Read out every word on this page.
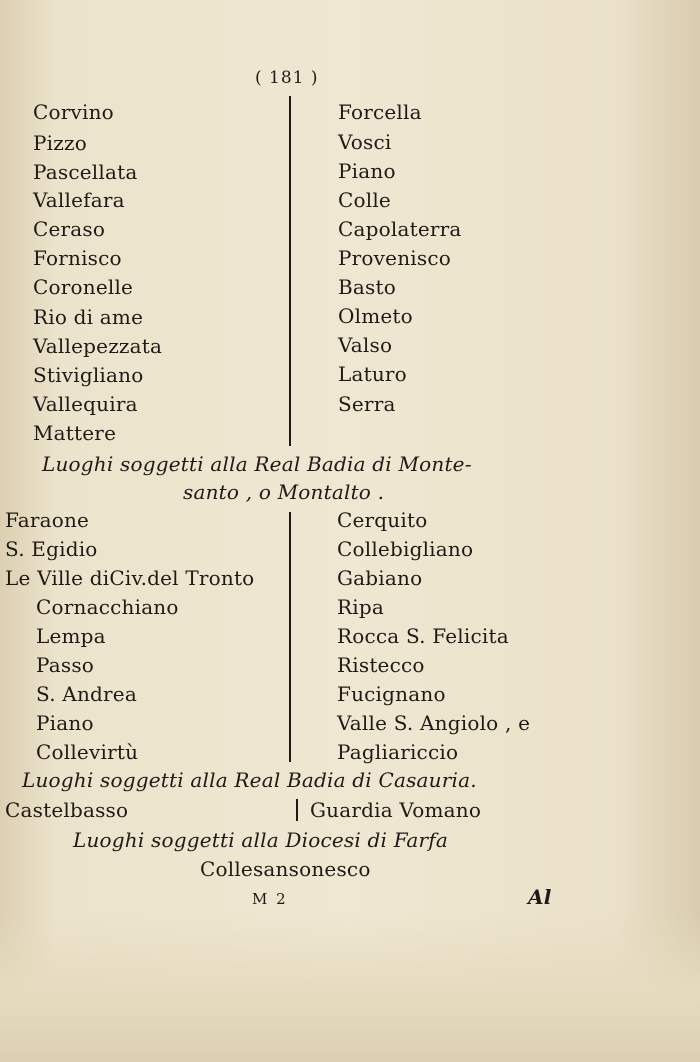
( 181 )
Corvino
Pizzo
Pascellata
Vallefara
Ceraso
Fornisco
Coronelle
Rio di ame
Vallepezzata
Stivigliano
Vallequira
Mattere
Forcella
Vosci
Piano
Colle
Capolaterra
Provenisco
Basto
Olmeto
Valso
Laturo
Serra
Luoghi soggetti alla Real Badia di Monte-
santo , o Montalto .
Faraone
S. Egidio
Le Ville diCiv.del Tronto
Cornacchiano
Lempa
Passo
S. Andrea
Piano
Collevirtù
Cerquito
Collebigliano
Gabiano
Ripa
Rocca S. Felicita
Ristecco
Fucignano
Valle S. Angiolo , e
Pagliariccio
Luoghi soggetti alla Real Badia di Casauria.
Castelbasso	Guardia Vomano
Luoghi soggetti alla Diocesi di Farfa
Collesansonesco
M 2	Al
